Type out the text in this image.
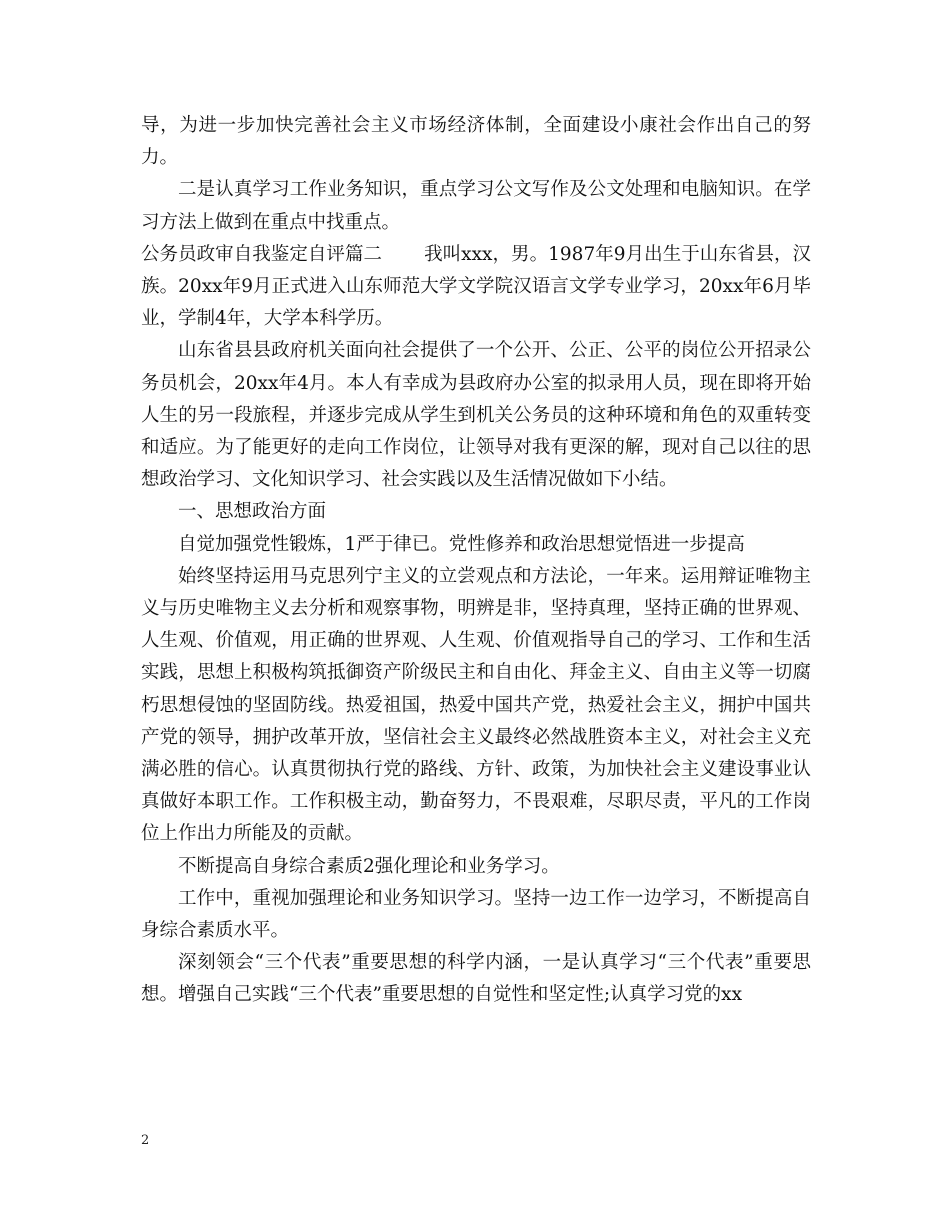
导，为进一步加快完善社会主义市场经济体制，全面建设小康社会作出自己的努力。

二是认真学习工作业务知识，重点学习公文写作及公文处理和电脑知识。在学习方法上做到在重点中找重点。

公务员政审自我鉴定自评篇二 我叫xxx，男。1987年9月出生于山东省县，汉族。20xx年9月正式进入山东师范大学文学院汉语言文学专业学习，20xx年6月毕业，学制4年，大学本科学历。

山东省县县政府机关面向社会提供了一个公开、公正、公平的岗位公开招录公务员机会，20xx年4月。本人有幸成为县政府办公室的拟录用人员，现在即将开始人生的另一段旅程，并逐步完成从学生到机关公务员的这种环境和角色的双重转变和适应。为了能更好的走向工作岗位，让领导对我有更深的解，现对自己以往的思想政治学习、文化知识学习、社会实践以及生活情况做如下小结。

一、思想政治方面

自觉加强党性锻炼，1严于律已。党性修养和政治思想觉悟进一步提高

始终坚持运用马克思列宁主义的立尝观点和方法论，一年来。运用辩证唯物主义与历史唯物主义去分析和观察事物，明辨是非，坚持真理，坚持正确的世界观、人生观、价值观，用正确的世界观、人生观、价值观指导自己的学习、工作和生活实践，思想上积极构筑抵御资产阶级民主和自由化、拜金主义、自由主义等一切腐朽思想侵蚀的坚固防线。热爱祖国，热爱中国共产党，热爱社会主义，拥护中国共产党的领导，拥护改革开放，坚信社会主义最终必然战胜资本主义，对社会主义充满必胜的信心。认真贯彻执行党的路线、方针、政策，为加快社会主义建设事业认真做好本职工作。工作积极主动，勤奋努力，不畏艰难，尽职尽责，平凡的工作岗位上作出力所能及的贡献。

不断提高自身综合素质2强化理论和业务学习。

工作中，重视加强理论和业务知识学习。坚持一边工作一边学习，不断提高自身综合素质水平。

深刻领会“三个代表”重要思想的科学内涵，一是认真学习“三个代表”重要思想。增强自己实践“三个代表”重要思想的自觉性和坚定性;认真学习党的xx

2
